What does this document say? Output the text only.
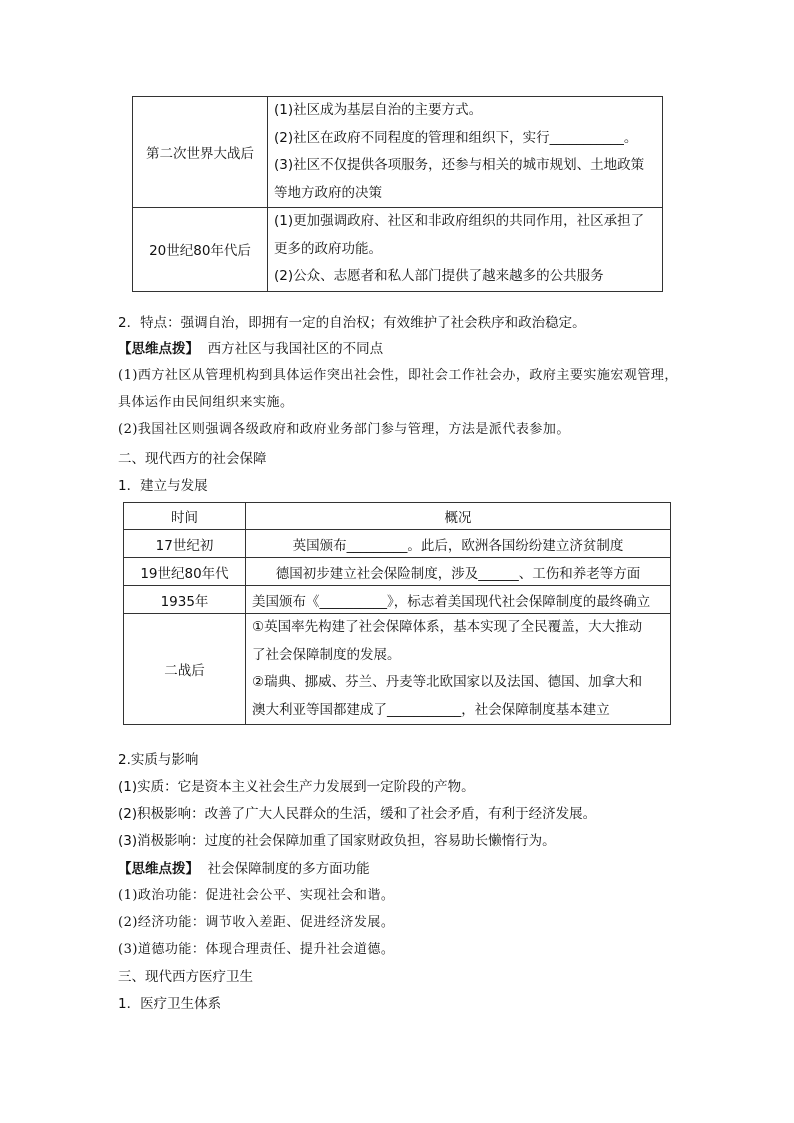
第二次世界大战后	(1)社区成为基层自治的主要方式。
(2)社区在政府不同程度的管理和组织下，实行___________。
(3)社区不仅提供各项服务，还参与相关的城市规划、土地政策
等地方政府的决策

20世纪80年代后	(1)更加强调政府、社区和非政府组织的共同作用，社区承担了
更多的政府功能。
(2)公众、志愿者和私人部门提供了越来越多的公共服务
2．特点：强调自治，即拥有一定的自治权；有效维护了社会秩序和政治稳定。
【思维点拨】 西方社区与我国社区的不同点
(1)西方社区从管理机构到具体运作突出社会性，即社会工作社会办，政府主要实施宏观管理，
具体运作由民间组织来实施。
(2)我国社区则强调各级政府和政府业务部门参与管理，方法是派代表参加。
二、现代西方的社会保障
1．建立与发展
时间	概况
17世纪初	英国颁布_________。此后，欧洲各国纷纷建立济贫制度
19世纪80年代	德国初步建立社会保险制度，涉及______、工伤和养老等方面
1935年	美国颁布《__________》，标志着美国现代社会保障制度的最终确立
二战后	①英国率先构建了社会保障体系，基本实现了全民覆盖，大大推动
了社会保障制度的发展。
②瑞典、挪威、芬兰、丹麦等北欧国家以及法国、德国、加拿大和
澳大利亚等国都建成了___________，社会保障制度基本建立
2.实质与影响
(1)实质：它是资本主义社会生产力发展到一定阶段的产物。
(2)积极影响：改善了广大人民群众的生活，缓和了社会矛盾，有利于经济发展。
(3)消极影响：过度的社会保障加重了国家财政负担，容易助长懒惰行为。
【思维点拨】 社会保障制度的多方面功能
(1)政治功能：促进社会公平、实现社会和谐。
(2)经济功能：调节收入差距、促进经济发展。
(3)道德功能：体现合理责任、提升社会道德。
三、现代西方医疗卫生
1．医疗卫生体系
